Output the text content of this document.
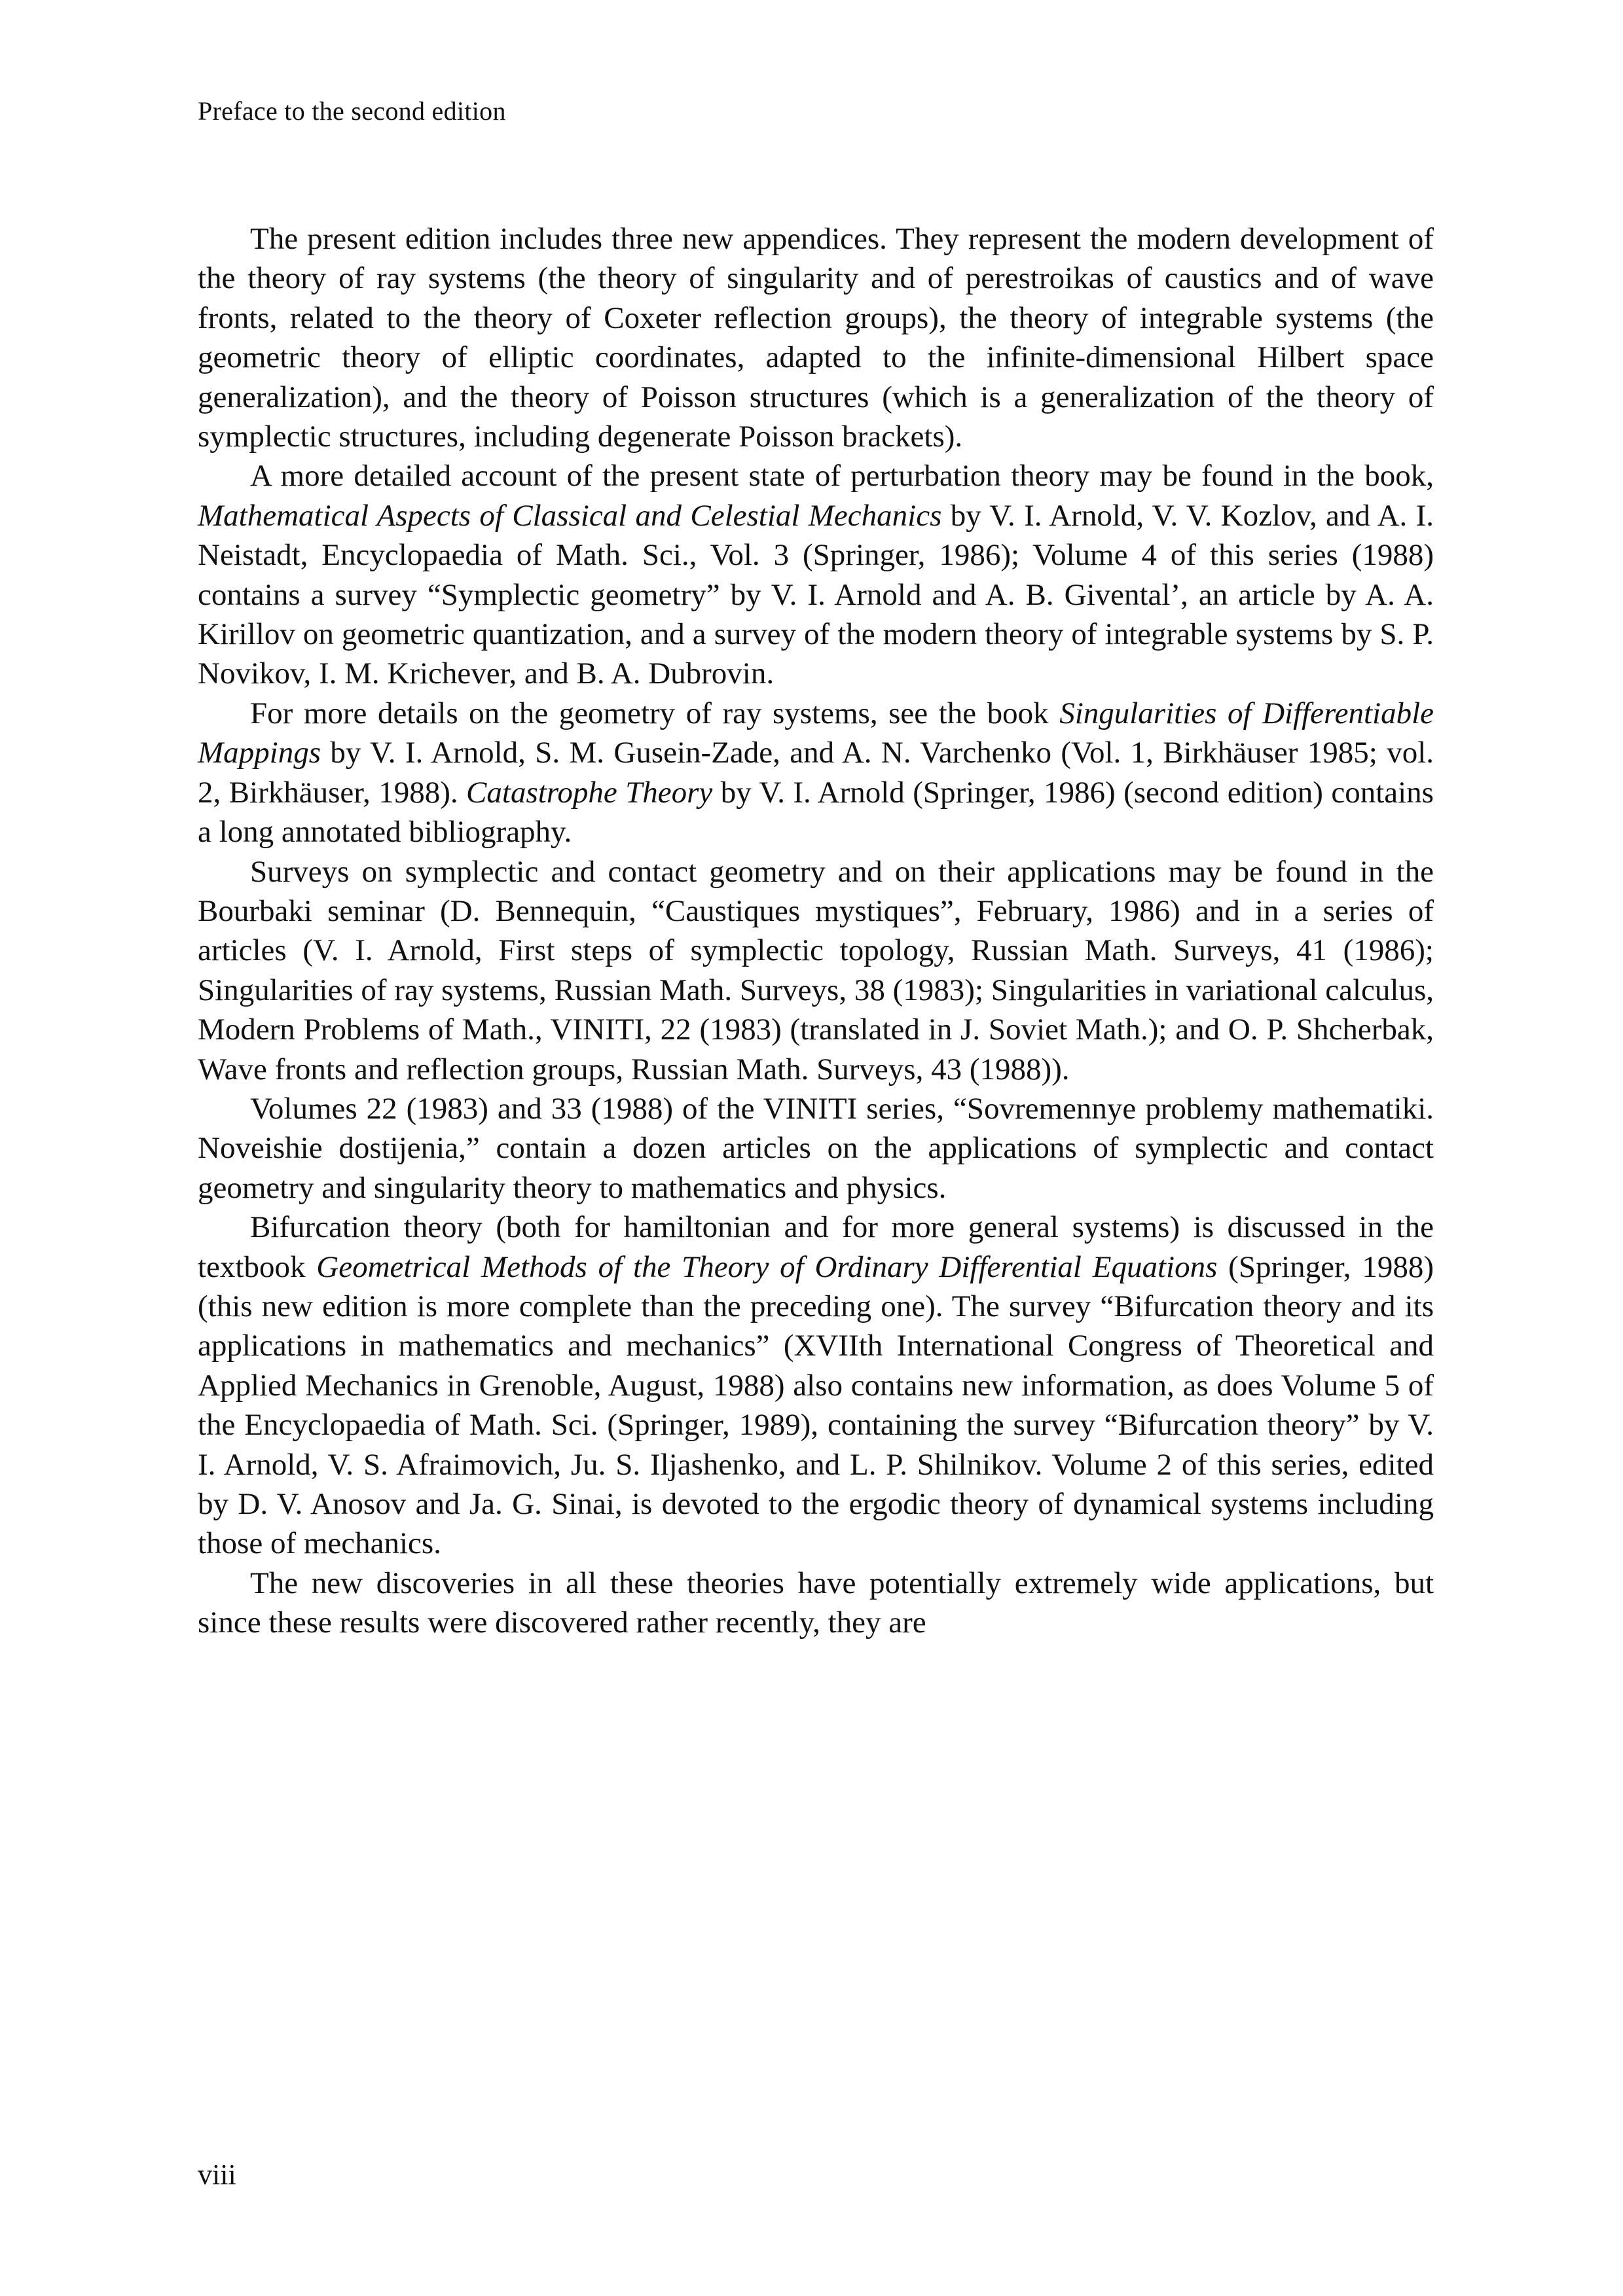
Preface to the second edition

The present edition includes three new appendices. They represent the modern development of the theory of ray systems (the theory of singularity and of perestroikas of caustics and of wave fronts, related to the theory of Coxeter reflection groups), the theory of integrable systems (the geometric theory of elliptic coordinates, adapted to the infinite-dimensional Hilbert space generalization), and the theory of Poisson structures (which is a generalization of the theory of symplectic structures, including degenerate Poisson brackets).

A more detailed account of the present state of perturbation theory may be found in the book, Mathematical Aspects of Classical and Celestial Mechanics by V. I. Arnold, V. V. Kozlov, and A. I. Neistadt, Encyclopaedia of Math. Sci., Vol. 3 (Springer, 1986); Volume 4 of this series (1988) contains a survey “Symplectic geometry” by V. I. Arnold and A. B. Givental’, an article by A. A. Kirillov on geometric quantization, and a survey of the modern theory of integrable systems by S. P. Novikov, I. M. Krichever, and B. A. Dubrovin.

For more details on the geometry of ray systems, see the book Singularities of Differentiable Mappings by V. I. Arnold, S. M. Gusein-Zade, and A. N. Varchenko (Vol. 1, Birkhäuser 1985; vol. 2, Birkhäuser, 1988). Catastrophe Theory by V. I. Arnold (Springer, 1986) (second edition) contains a long annotated bibliography.

Surveys on symplectic and contact geometry and on their applications may be found in the Bourbaki seminar (D. Bennequin, “Caustiques mystiques”, February, 1986) and in a series of articles (V. I. Arnold, First steps of symplectic topology, Russian Math. Surveys, 41 (1986); Singularities of ray systems, Russian Math. Surveys, 38 (1983); Singularities in variational calculus, Modern Problems of Math., VINITI, 22 (1983) (translated in J. Soviet Math.); and O. P. Shcherbak, Wave fronts and reflection groups, Russian Math. Surveys, 43 (1988)).

Volumes 22 (1983) and 33 (1988) of the VINITI series, “Sovremennye problemy mathematiki. Noveishie dostijenia,” contain a dozen articles on the applications of symplectic and contact geometry and singularity theory to mathematics and physics.

Bifurcation theory (both for hamiltonian and for more general systems) is discussed in the textbook Geometrical Methods of the Theory of Ordinary Differential Equations (Springer, 1988) (this new edition is more complete than the preceding one). The survey “Bifurcation theory and its applications in mathematics and mechanics” (XVIIth International Congress of Theoretical and Applied Mechanics in Grenoble, August, 1988) also contains new information, as does Volume 5 of the Encyclopaedia of Math. Sci. (Springer, 1989), containing the survey “Bifurcation theory” by V. I. Arnold, V. S. Afraimovich, Ju. S. Iljashenko, and L. P. Shilnikov. Volume 2 of this series, edited by D. V. Anosov and Ja. G. Sinai, is devoted to the ergodic theory of dynamical systems including those of mechanics.

The new discoveries in all these theories have potentially extremely wide applications, but since these results were discovered rather recently, they are

viii
